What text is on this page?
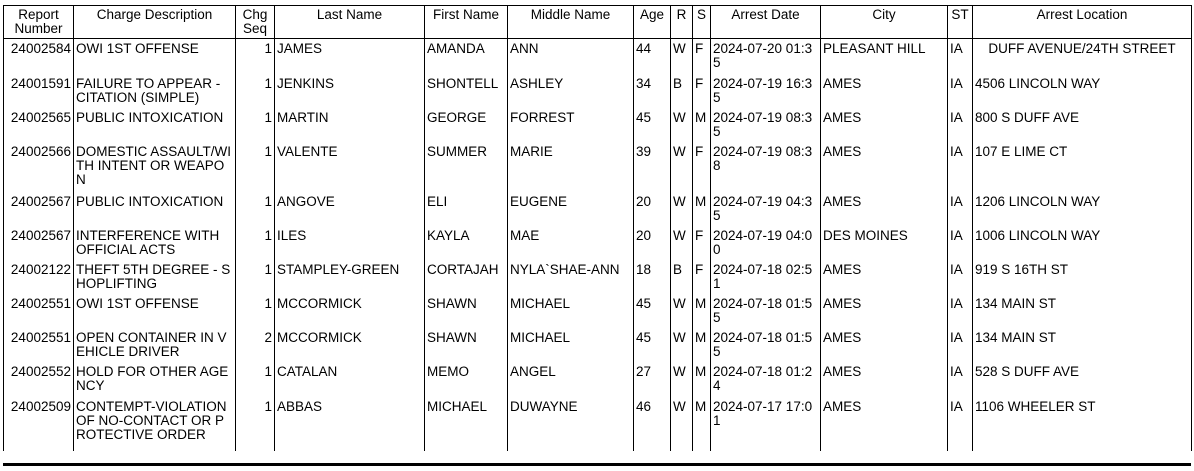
Report Number	Charge Description	Chg Seq	Last Name	First Name	Middle Name	Age	R	S	Arrest Date	City	ST	Arrest Location
24002584	OWI 1ST OFFENSE	1	JAMES	AMANDA	ANN	44	W	F	2024-07-20 01:35	PLEASANT HILL	IA	DUFF AVENUE/24TH STREET
24001591	FAILURE TO APPEAR - CITATION (SIMPLE)	1	JENKINS	SHONTELL	ASHLEY	34	B	F	2024-07-19 16:35	AMES	IA	4506 LINCOLN WAY
24002565	PUBLIC INTOXICATION	1	MARTIN	GEORGE	FORREST	45	W	M	2024-07-19 08:35	AMES	IA	800 S DUFF AVE
24002566	DOMESTIC ASSAULT/WITH INTENT OR WEAPON	1	VALENTE	SUMMER	MARIE	39	W	F	2024-07-19 08:38	AMES	IA	107 E LIME CT
24002567	PUBLIC INTOXICATION	1	ANGOVE	ELI	EUGENE	20	W	M	2024-07-19 04:35	AMES	IA	1206 LINCOLN WAY
24002567	INTERFERENCE WITH OFFICIAL ACTS	1	ILES	KAYLA	MAE	20	W	F	2024-07-19 04:00	DES MOINES	IA	1006 LINCOLN WAY
24002122	THEFT 5TH DEGREE - SHOPLIFTING	1	STAMPLEY-GREEN	CORTAJAH	NYLA`SHAE-ANN	18	B	F	2024-07-18 02:51	AMES	IA	919 S 16TH ST
24002551	OWI 1ST OFFENSE	1	MCCORMICK	SHAWN	MICHAEL	45	W	M	2024-07-18 01:55	AMES	IA	134 MAIN ST
24002551	OPEN CONTAINER IN VEHICLE DRIVER	2	MCCORMICK	SHAWN	MICHAEL	45	W	M	2024-07-18 01:55	AMES	IA	134 MAIN ST
24002552	HOLD FOR OTHER AGENCY	1	CATALAN	MEMO	ANGEL	27	W	M	2024-07-18 01:24	AMES	IA	528 S DUFF AVE
24002509	CONTEMPT-VIOLATION OF NO-CONTACT OR PROTECTIVE ORDER	1	ABBAS	MICHAEL	DUWAYNE	46	W	M	2024-07-17 17:01	AMES	IA	1106 WHEELER ST
